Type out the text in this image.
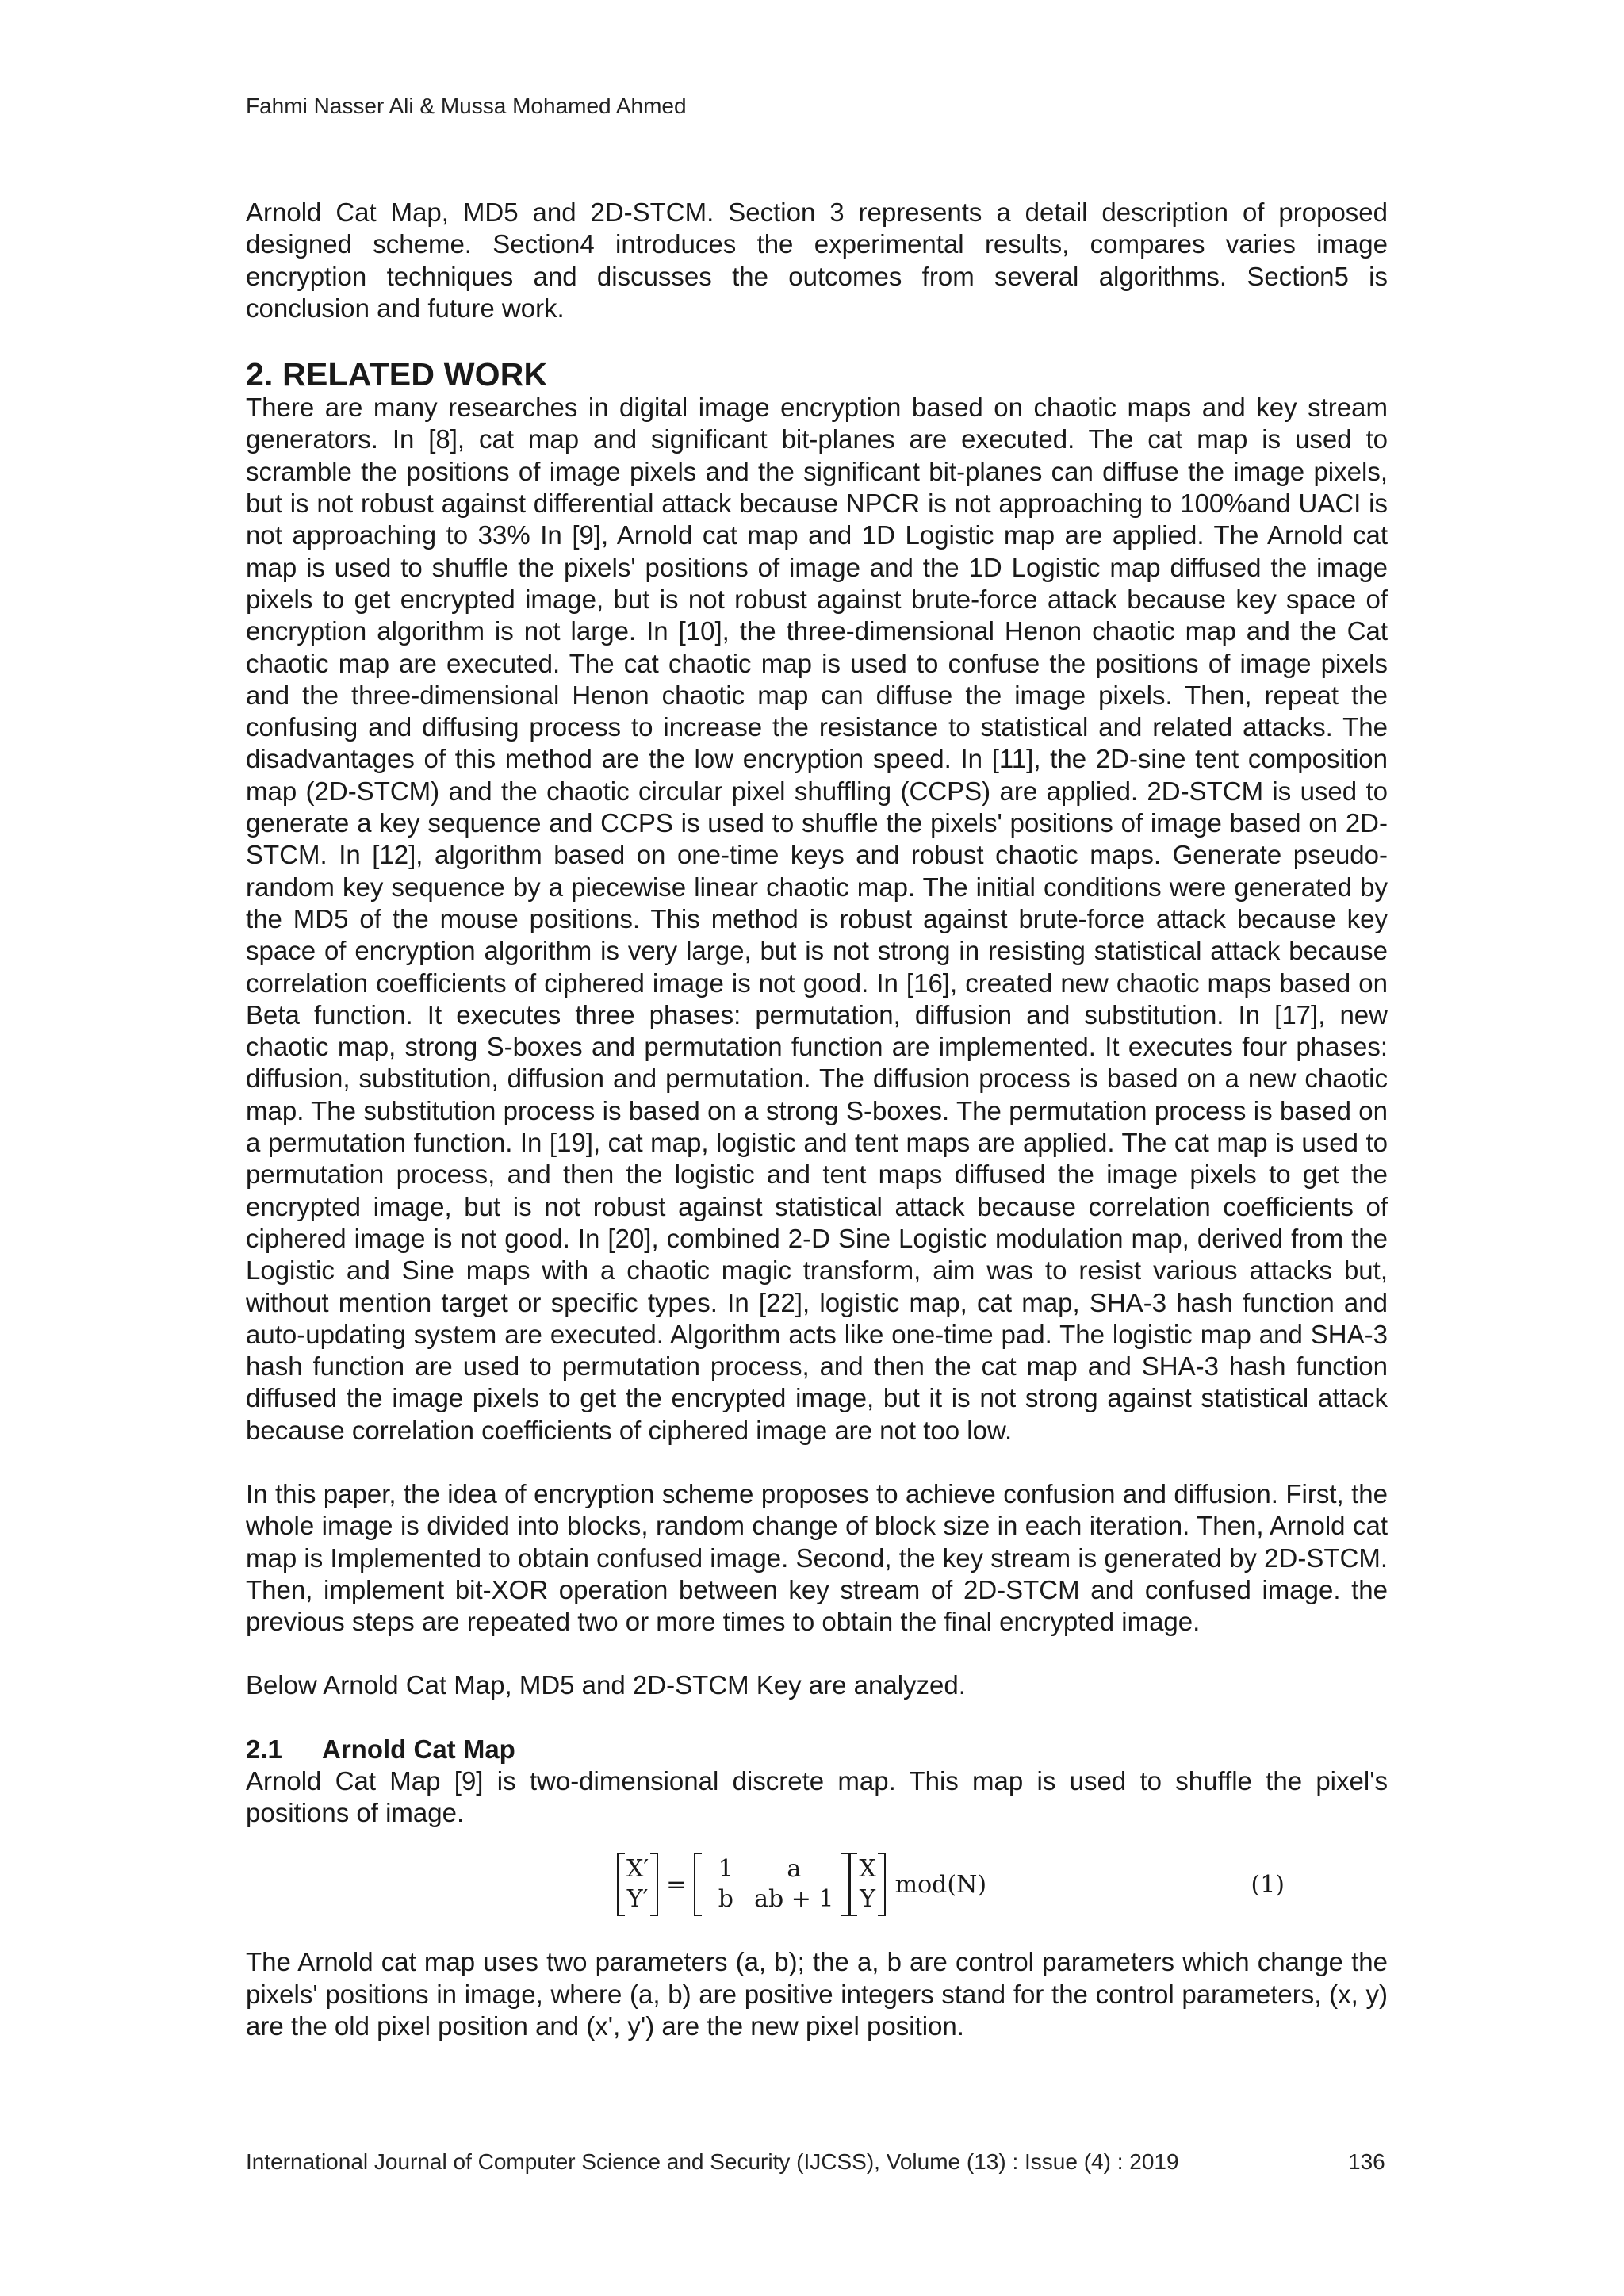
Fahmi Nasser Ali & Mussa Mohamed Ahmed

Arnold Cat Map, MD5 and 2D-STCM. Section 3 represents a detail description of proposed designed scheme. Section4 introduces the experimental results, compares varies image encryption techniques and discusses the outcomes from several algorithms. Section5 is conclusion and future work.

2. RELATED WORK

There are many researches in digital image encryption based on chaotic maps and key stream generators. In [8], cat map and significant bit-planes are executed. The cat map is used to scramble the positions of image pixels and the significant bit-planes can diffuse the image pixels, but is not robust against differential attack because NPCR is not approaching to 100%and UACI is not approaching to 33% In [9], Arnold cat map and 1D Logistic map are applied. The Arnold cat map is used to shuffle the pixels' positions of image and the 1D Logistic map diffused the image pixels to get encrypted image, but is not robust against brute-force attack because key space of encryption algorithm is not large. In [10], the three-dimensional Henon chaotic map and the Cat chaotic map are executed. The cat chaotic map is used to confuse the positions of image pixels and the three-dimensional Henon chaotic map can diffuse the image pixels. Then, repeat the confusing and diffusing process to increase the resistance to statistical and related attacks. The disadvantages of this method are the low encryption speed. In [11], the 2D-sine tent composition map (2D-STCM) and the chaotic circular pixel shuffling (CCPS) are applied. 2D-STCM is used to generate a key sequence and CCPS is used to shuffle the pixels' positions of image based on 2D-STCM. In [12], algorithm based on one-time keys and robust chaotic maps. Generate pseudo-random key sequence by a piecewise linear chaotic map. The initial conditions were generated by the MD5 of the mouse positions. This method is robust against brute-force attack because key space of encryption algorithm is very large, but is not strong in resisting statistical attack because correlation coefficients of ciphered image is not good. In [16], created new chaotic maps based on Beta function. It executes three phases: permutation, diffusion and substitution. In [17], new chaotic map, strong S-boxes and permutation function are implemented. It executes four phases: diffusion, substitution, diffusion and permutation. The diffusion process is based on a new chaotic map. The substitution process is based on a strong S-boxes. The permutation process is based on a permutation function. In [19], cat map, logistic and tent maps are applied. The cat map is used to permutation process, and then the logistic and tent maps diffused the image pixels to get the encrypted image, but is not robust against statistical attack because correlation coefficients of ciphered image is not good. In [20], combined 2-D Sine Logistic modulation map, derived from the Logistic and Sine maps with a chaotic magic transform, aim was to resist various attacks but, without mention target or specific types. In [22], logistic map, cat map, SHA-3 hash function and auto-updating system are executed. Algorithm acts like one-time pad. The logistic map and SHA-3 hash function are used to permutation process, and then the cat map and SHA-3 hash function diffused the image pixels to get the encrypted image, but it is not strong against statistical attack because correlation coefficients of ciphered image are not too low.

In this paper, the idea of encryption scheme proposes to achieve confusion and diffusion. First, the whole image is divided into blocks, random change of block size in each iteration. Then, Arnold cat map is Implemented to obtain confused image. Second, the key stream is generated by 2D-STCM. Then, implement bit-XOR operation between key stream of 2D-STCM and confused image. the previous steps are repeated two or more times to obtain the final encrypted image.

Below Arnold Cat Map, MD5 and 2D-STCM Key are analyzed.

2.1 Arnold Cat Map

Arnold Cat Map [9] is two-dimensional discrete map. This map is used to shuffle the pixel's positions of image.

X′
Y′
=
1	a
b ab + 1
X
Y
mod(N)	(1)

The Arnold cat map uses two parameters (a, b); the a, b are control parameters which change the pixels' positions in image, where (a, b) are positive integers stand for the control parameters, (x, y) are the old pixel position and (x', y') are the new pixel position.

International Journal of Computer Science and Security (IJCSS), Volume (13) : Issue (4) : 2019	136
